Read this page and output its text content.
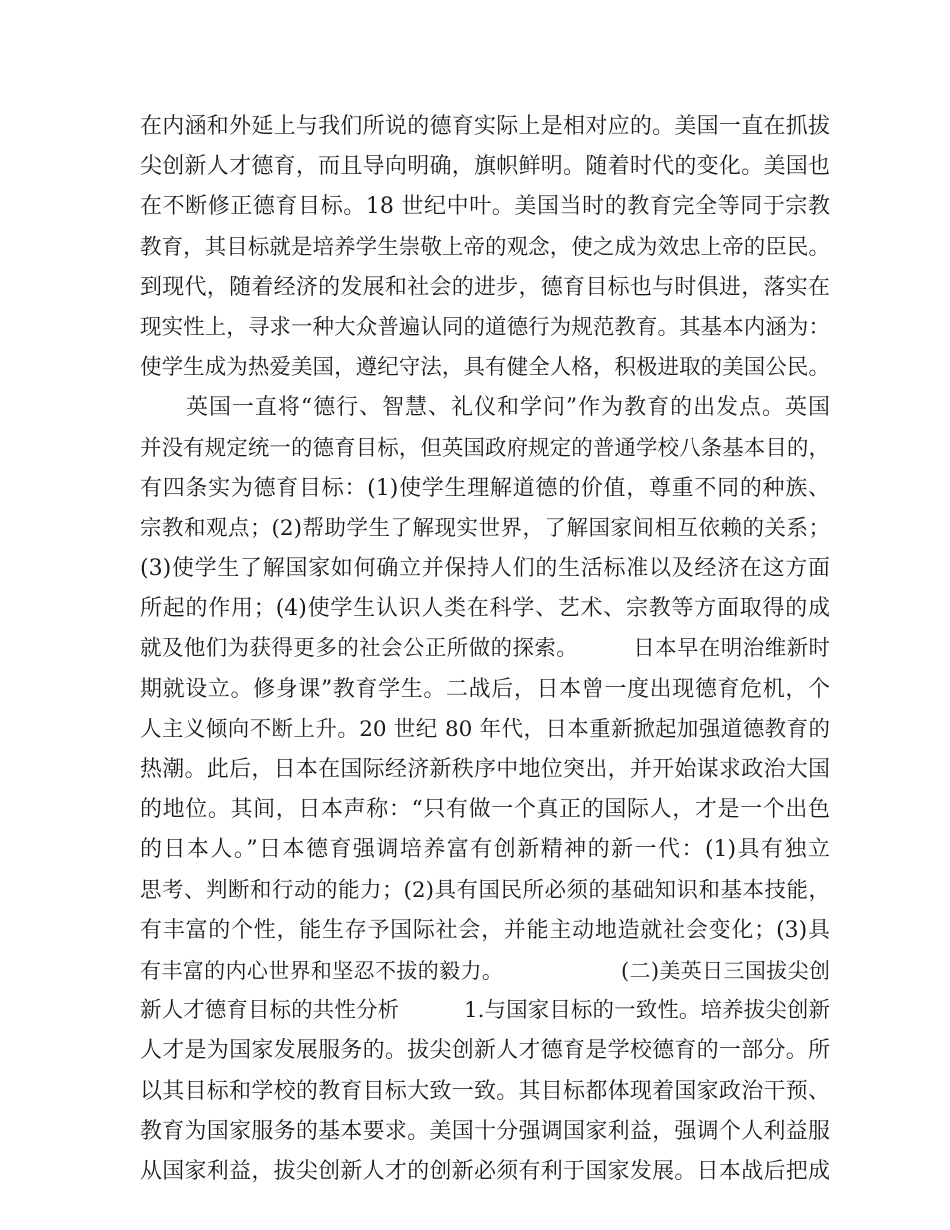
在内涵和外延上与我们所说的德育实际上是相对应的。美国一直在抓拔
尖创新人才德育，而且导向明确，旗帜鲜明。随着时代的变化。美国也
在不断修正德育目标。18 世纪中叶。美国当时的教育完全等同于宗教
教育，其目标就是培养学生崇敬上帝的观念，使之成为效忠上帝的臣民。
到现代，随着经济的发展和社会的进步，德育目标也与时俱进，落实在
现实性上，寻求一种大众普遍认同的道德行为规范教育。其基本内涵为：
使学生成为热爱美国，遵纪守法，具有健全人格，积极进取的美国公民。
　　英国一直将“德行、智慧、礼仪和学问”作为教育的出发点。英国
并没有规定统一的德育目标，但英国政府规定的普通学校八条基本目的，
有四条实为德育目标：(1)使学生理解道德的价值，尊重不同的种族、
宗教和观点；(2)帮助学生了解现实世界，了解国家间相互依赖的关系；
(3)使学生了解国家如何确立并保持人们的生活标准以及经济在这方面
所起的作用；(4)使学生认识人类在科学、艺术、宗教等方面取得的成
就及他们为获得更多的社会公正所做的探索。　　　日本早在明治维新时
期就设立。修身课”教育学生。二战后，日本曾一度出现德育危机，个
人主义倾向不断上升。20 世纪 80 年代，日本重新掀起加强道德教育的
热潮。此后，日本在国际经济新秩序中地位突出，并开始谋求政治大国
的地位。其间，日本声称：“只有做一个真正的国际人，才是一个出色
的日本人。”日本德育强调培养富有创新精神的新一代：(1)具有独立
思考、判断和行动的能力；(2)具有国民所必须的基础知识和基本技能，
有丰富的个性，能生存予国际社会，并能主动地造就社会变化；(3)具
有丰富的内心世界和坚忍不拔的毅力。　　　　　　(二)美英日三国拔尖创
新人才德育目标的共性分析　　　1.与国家目标的一致性。培养拔尖创新
人才是为国家发展服务的。拔尖创新人才德育是学校德育的一部分。所
以其目标和学校的教育目标大致一致。其目标都体现着国家政治干预、
教育为国家服务的基本要求。美国十分强调国家利益，强调个人利益服
从国家利益，拔尖创新人才的创新必须有利于国家发展。日本战后把成
